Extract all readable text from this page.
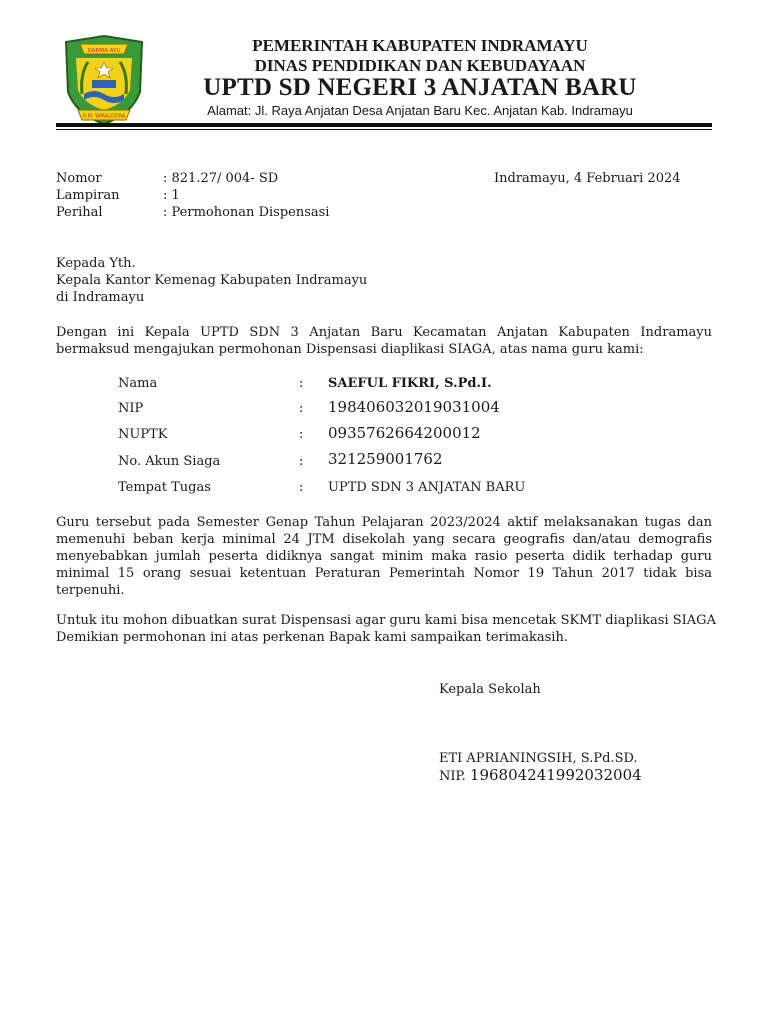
DARMA AYU
R.M. WIRALODRA
PEMERINTAH KABUPATEN INDRAMAYU
DINAS PENDIDIKAN DAN KEBUDAYAAN
UPTD SD NEGERI 3 ANJATAN BARU
Alamat: Jl. Raya Anjatan Desa Anjatan Baru Kec. Anjatan Kab. Indramayu
Nomor	: 821.27/ 004- SD
Lampiran	: 1
Perihal	: Permohonan Dispensasi
Indramayu, 4 Februari 2024
Kepada Yth.
Kepala Kantor Kemenag Kabupaten Indramayu
di Indramayu
Dengan ini Kepala UPTD SDN 3 Anjatan Baru Kecamatan Anjatan Kabupaten Indramayu bermaksud mengajukan permohonan Dispensasi diaplikasi SIAGA, atas nama guru kami:
Nama	: SAEFUL FIKRI, S.Pd.I.
NIP	: 198406032019031004
NUPTK	: 0935762664200012
No. Akun Siaga	: 321259001762
Tempat Tugas	: UPTD SDN 3 ANJATAN BARU
Guru tersebut pada Semester Genap Tahun Pelajaran 2023/2024 aktif melaksanakan tugas dan memenuhi beban kerja minimal 24 JTM disekolah yang secara geografis dan/atau demografis menyebabkan jumlah peserta didiknya sangat minim maka rasio peserta didik terhadap guru minimal 15 orang sesuai ketentuan Peraturan Pemerintah Nomor 19 Tahun 2017 tidak bisa terpenuhi.
Untuk itu mohon dibuatkan surat Dispensasi agar guru kami bisa mencetak SKMT diaplikasi SIAGA
Demikian permohonan ini atas perkenan Bapak kami sampaikan terimakasih.
Kepala Sekolah
ETI APRIANINGSIH, S.Pd.SD.
NIP. 196804241992032004
